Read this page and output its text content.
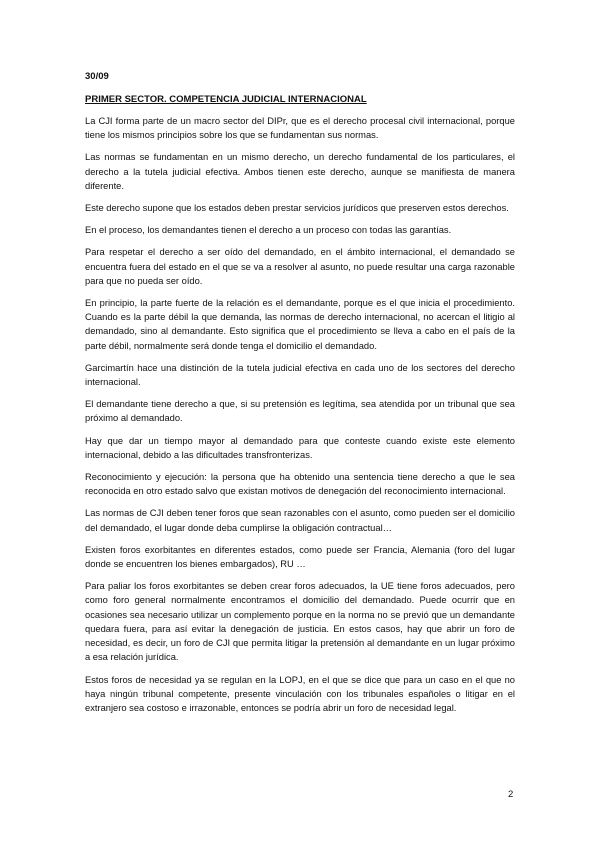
30/09
PRIMER SECTOR. COMPETENCIA JUDICIAL INTERNACIONAL

La CJI forma parte de un macro sector del DIPr, que es el derecho procesal civil internacional, porque tiene los mismos principios sobre los que se fundamentan sus normas.

Las normas se fundamentan en un mismo derecho, un derecho fundamental de los particulares, el derecho a la tutela judicial efectiva. Ambos tienen este derecho, aunque se manifiesta de manera diferente.

Este derecho supone que los estados deben prestar servicios jurídicos que preserven estos derechos.

En el proceso, los demandantes tienen el derecho a un proceso con todas las garantías.

Para respetar el derecho a ser oído del demandado, en el ámbito internacional, el demandado se encuentra fuera del estado en el que se va a resolver al asunto, no puede resultar una carga razonable para que no pueda ser oído.

En principio, la parte fuerte de la relación es el demandante, porque es el que inicia el procedimiento. Cuando es la parte débil la que demanda, las normas de derecho internacional, no acercan el litigio al demandado, sino al demandante. Esto significa que el procedimiento se lleva a cabo en el país de la parte débil, normalmente será donde tenga el domicilio el demandado.

Garcimartín hace una distinción de la tutela judicial efectiva en cada uno de los sectores del derecho internacional.

El demandante tiene derecho a que, si su pretensión es legítima, sea atendida por un tribunal que sea próximo al demandado.

Hay que dar un tiempo mayor al demandado para que conteste cuando existe este elemento internacional, debido a las dificultades transfronterizas.

Reconocimiento y ejecución: la persona que ha obtenido una sentencia tiene derecho a que le sea reconocida en otro estado salvo que existan motivos de denegación del reconocimiento internacional.

Las normas de CJI deben tener foros que sean razonables con el asunto, como pueden ser el domicilio del demandado, el lugar donde deba cumplirse la obligación contractual…

Existen foros exorbitantes en diferentes estados, como puede ser Francia, Alemania (foro del lugar donde se encuentren los bienes embargados), RU …

Para paliar los foros exorbitantes se deben crear foros adecuados, la UE tiene foros adecuados, pero como foro general normalmente encontramos el domicilio del demandado. Puede ocurrir que en ocasiones sea necesario utilizar un complemento porque en la norma no se previó que un demandante quedara fuera, para así evitar la denegación de justicia. En estos casos, hay que abrir un foro de necesidad, es decir, un foro de CJI que permita litigar la pretensión al demandante en un lugar próximo a esa relación jurídica.

Estos foros de necesidad ya se regulan en la LOPJ, en el que se dice que para un caso en el que no haya ningún tribunal competente, presente vinculación con los tribunales españoles o litigar en el extranjero sea costoso e irrazonable, entonces se podría abrir un foro de necesidad legal.

2
